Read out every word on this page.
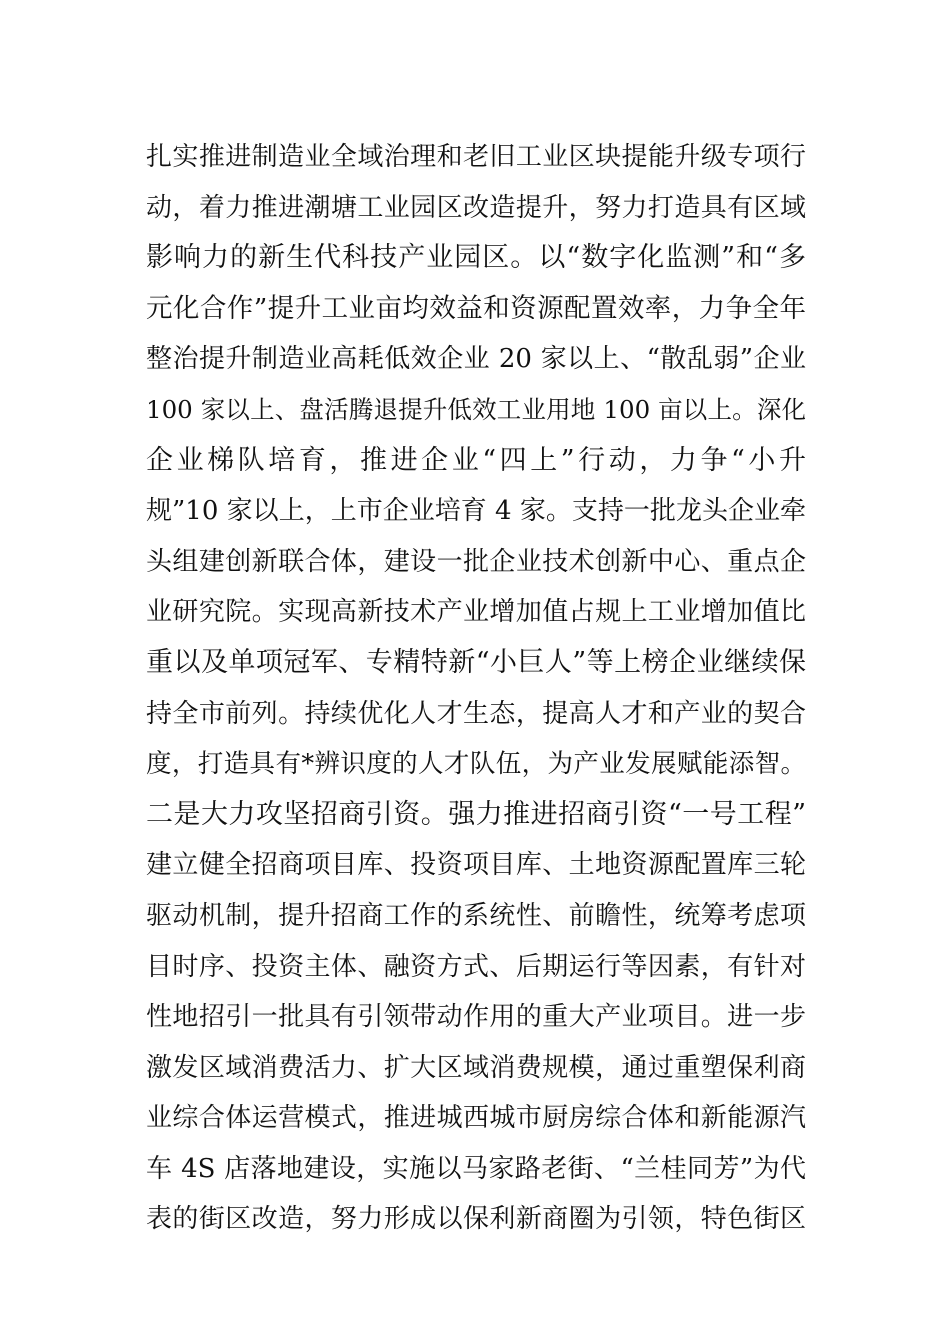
扎实推进制造业全域治理和老旧工业区块提能升级专项行
动，着力推进潮塘工业园区改造提升，努力打造具有区域
影响力的新生代科技产业园区。以“数字化监测”和“多
元化合作”提升工业亩均效益和资源配置效率，力争全年
整治提升制造业高耗低效企业 20 家以上、“散乱弱”企业
100 家以上、盘活腾退提升低效工业用地 100 亩以上。深化
企业梯队培育，推进企业“四上”行动，力争“小升
规”10 家以上，上市企业培育 4 家。支持一批龙头企业牵
头组建创新联合体，建设一批企业技术创新中心、重点企
业研究院。实现高新技术产业增加值占规上工业增加值比
重以及单项冠军、专精特新“小巨人”等上榜企业继续保
持全市前列。持续优化人才生态，提高人才和产业的契合
度，打造具有*辨识度的人才队伍，为产业发展赋能添智。
二是大力攻坚招商引资。强力推进招商引资“一号工程”
建立健全招商项目库、投资项目库、土地资源配置库三轮
驱动机制，提升招商工作的系统性、前瞻性，统筹考虑项
目时序、投资主体、融资方式、后期运行等因素，有针对
性地招引一批具有引领带动作用的重大产业项目。进一步
激发区域消费活力、扩大区域消费规模，通过重塑保利商
业综合体运营模式，推进城西城市厨房综合体和新能源汽
车 4S 店落地建设，实施以马家路老街、“兰桂同芳”为代
表的街区改造，努力形成以保利新商圈为引领，特色街区
